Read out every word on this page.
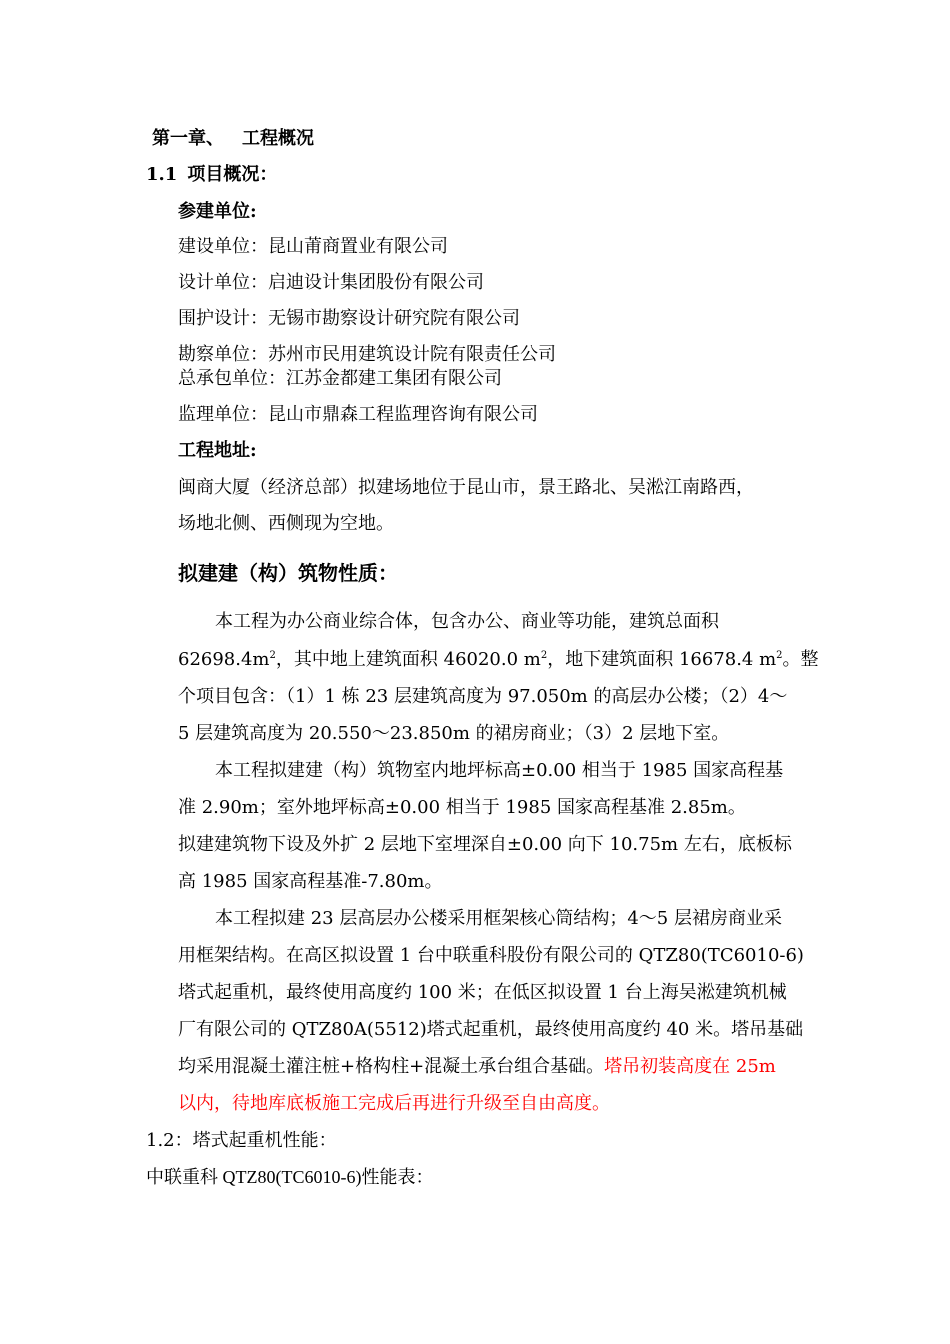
第一章、 工程概况
1.1 项目概况：
参建单位:
建设单位：昆山莆商置业有限公司
设计单位：启迪设计集团股份有限公司
围护设计：无锡市勘察设计研究院有限公司
勘察单位：苏州市民用建筑设计院有限责任公司
总承包单位：江苏金都建工集团有限公司
监理单位：昆山市鼎森工程监理咨询有限公司
工程地址:
闽商大厦（经济总部）拟建场地位于昆山市，景王路北、吴淞江南路西，
场地北侧、西侧现为空地。
拟建建（构）筑物性质：
本工程为办公商业综合体，包含办公、商业等功能，建筑总面积
$62698.4m^2$，其中地上建筑面积 46020.0 $m^2$，地下建筑面积 16678.4 $m^2$。整
个项目包含：（1）1 栋 23 层建筑高度为 97.050m 的高层办公楼；（2）4～
5 层建筑高度为 20.550～23.850m 的裙房商业；（3）2 层地下室。
本工程拟建建（构）筑物室内地坪标高±0.00 相当于 1985 国家高程基
准 2.90m；室外地坪标高±0.00 相当于 1985 国家高程基准 2.85m。
拟建建筑物下设及外扩 2 层地下室埋深自±0.00 向下 10.75m 左右，底板标
高 1985 国家高程基准-7.80m。
本工程拟建 23 层高层办公楼采用框架核心筒结构；4～5 层裙房商业采
用框架结构。在高区拟设置 1 台中联重科股份有限公司的 QTZ80(TC6010-6)
塔式起重机，最终使用高度约 100 米；在低区拟设置 1 台上海吴淞建筑机械
厂有限公司的 QTZ80A(5512)塔式起重机，最终使用高度约 40 米。塔吊基础
均采用混凝土灌注桩+格构柱+混凝土承台组合基础。塔吊初装高度在 25m
以内，待地库底板施工完成后再进行升级至自由高度。
1.2：塔式起重机性能：
中联重科 QTZ80(TC6010-6)性能表：
